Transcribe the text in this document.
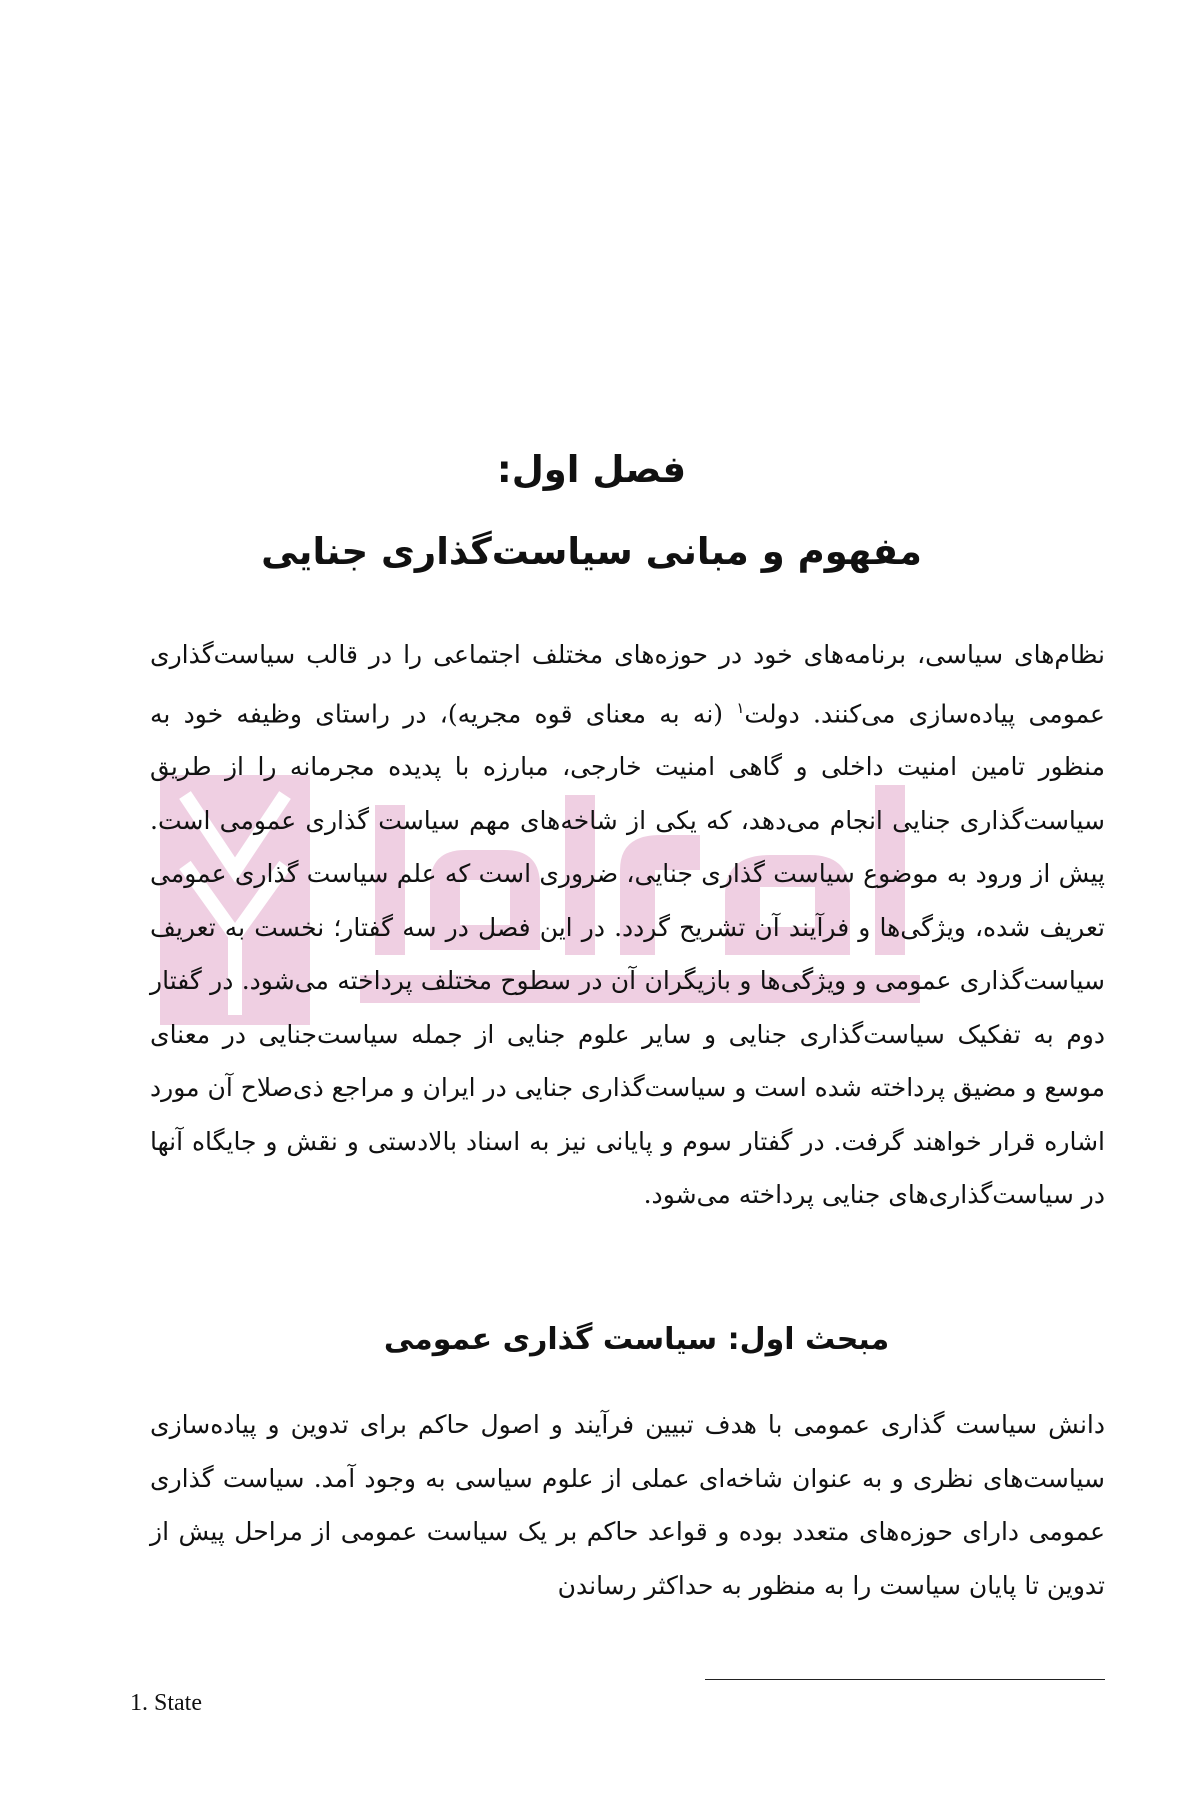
فصل اول:
مفهوم و مبانی سیاست‌گذاری جنایی

نظام‌های سیاسی، برنامه‌های خود در حوزه‌های مختلف اجتماعی را در قالب سیاست‌گذاری عمومی پیاده‌سازی می‌کنند. دولت$^۱$ (نه به معنای قوه مجریه)، در راستای وظیفه خود به منظور تامین امنیت داخلی و گاهی امنیت خارجی، مبارزه با پدیده مجرمانه را از طریق سیاست‌گذاری جنایی انجام می‌دهد، که یکی از شاخه‌های مهم سیاست گذاری عمومی است. پیش از ورود به موضوع سیاست گذاری جنایی، ضروری است که علم سیاست گذاری عمومی تعریف شده، ویژگی‌ها و فرآیند آن تشریح گردد. در این فصل در سه گفتار؛ نخست به تعریف سیاست‌گذاری عمومی و ویژگی‌ها و بازیگران آن در سطوح مختلف پرداخته می‌شود. در گفتار دوم به تفکیک سیاست‌گذاری جنایی و سایر علوم جنایی از جمله سیاست‌جنایی در معنای موسع و مضیق پرداخته شده است و سیاست‌گذاری جنایی در ایران و مراجع ذی‌صلاح آن مورد اشاره قرار خواهند گرفت. در گفتار سوم و پایانی نیز به اسناد بالادستی و نقش و جایگاه آنها در سیاست‌گذاری‌های جنایی پرداخته می‌شود.

مبحث اول: سیاست گذاری عمومی

دانش سیاست گذاری عمومی با هدف تبیین فرآیند و اصول حاکم برای تدوین و پیاده‌سازی سیاست‌های نظری و به عنوان شاخه‌ای عملی از علوم سیاسی به وجود آمد. سیاست گذاری عمومی دارای حوزه‌های متعدد بوده و قواعد حاکم بر یک سیاست عمومی از مراحل پیش از تدوین تا پایان سیاست را به منظور به حداکثر رساندن

1. State
